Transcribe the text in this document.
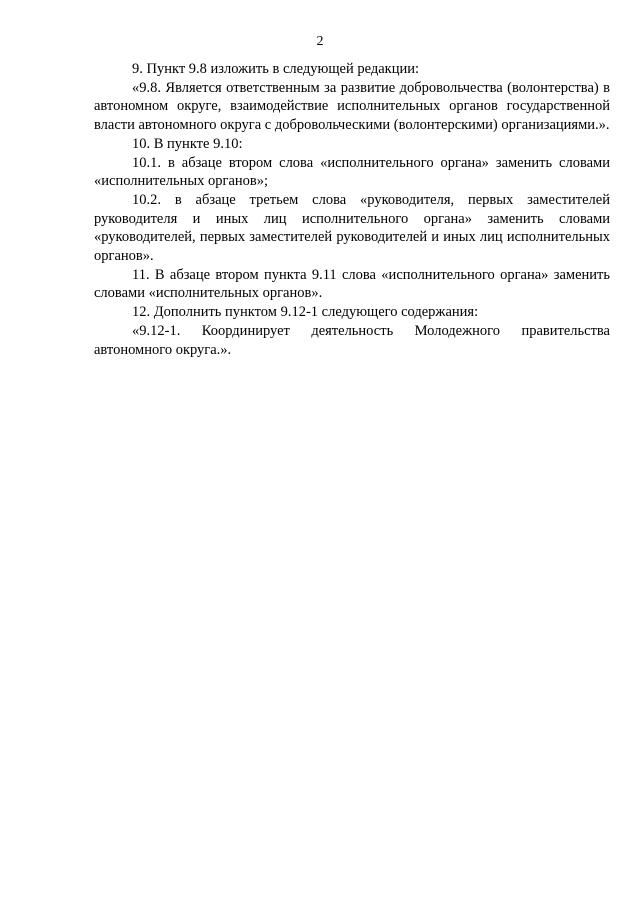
2

9. Пункт 9.8 изложить в следующей редакции:

«9.8. Является ответственным за развитие добровольчества (волонтерства) в автономном округе, взаимодействие исполнительных органов государственной власти автономного округа с добровольческими (волонтерскими) организациями.».

10. В пункте 9.10:

10.1. в абзаце втором слова «исполнительного органа» заменить словами «исполнительных органов»;

10.2. в абзаце третьем слова «руководителя, первых заместителей руководителя и иных лиц исполнительного органа» заменить словами «руководителей, первых заместителей руководителей и иных лиц исполнительных органов».

11. В абзаце втором пункта 9.11 слова «исполнительного органа» заменить словами «исполнительных органов».

12. Дополнить пунктом 9.12-1 следующего содержания:

«9.12-1. Координирует деятельность Молодежного правительства автономного округа.».
